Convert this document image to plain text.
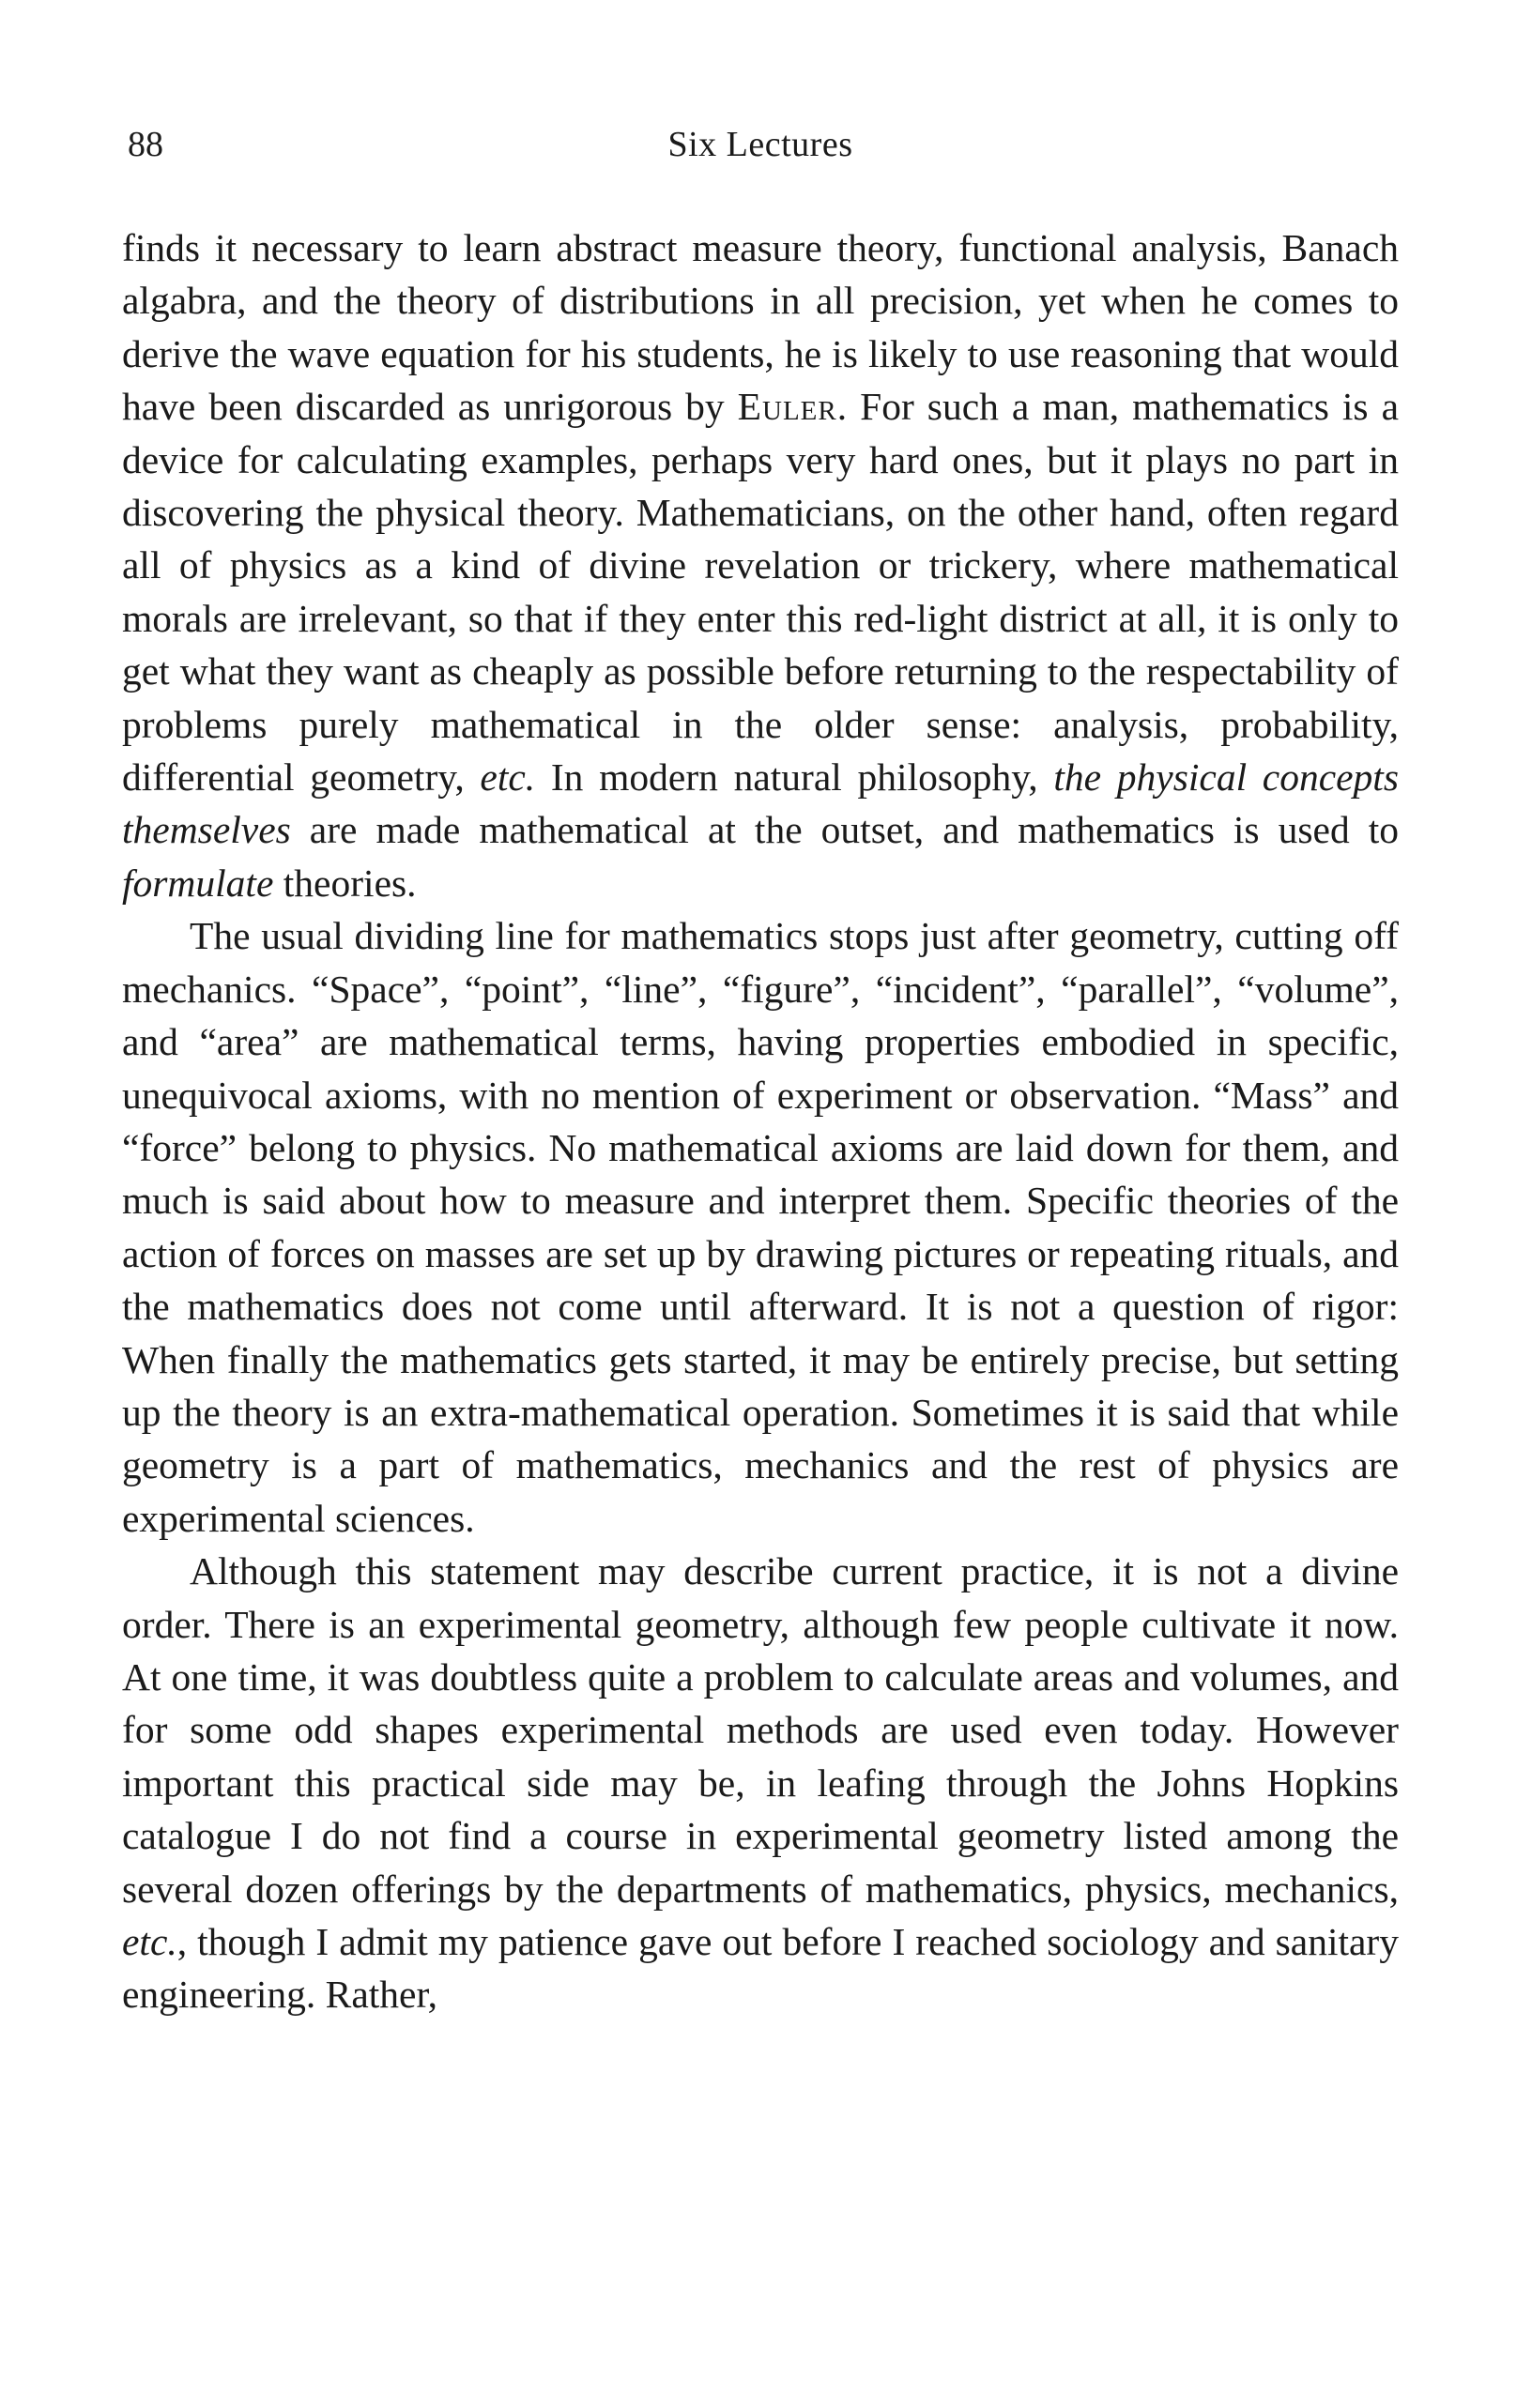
88	Six Lectures

finds it necessary to learn abstract measure theory, functional analysis, Banach algabra, and the theory of distributions in all precision, yet when he comes to derive the wave equation for his students, he is likely to use reasoning that would have been discarded as unrigorous by Euler. For such a man, mathematics is a device for calculating examples, perhaps very hard ones, but it plays no part in discovering the physical theory. Mathematicians, on the other hand, often regard all of physics as a kind of divine revelation or trickery, where mathematical morals are irrelevant, so that if they enter this red-light district at all, it is only to get what they want as cheaply as possible before returning to the respectability of problems purely mathematical in the older sense: analysis, probability, differential geometry, etc. In modern natural philosophy, the physical concepts themselves are made mathematical at the outset, and mathematics is used to formulate theories.

The usual dividing line for mathematics stops just after geometry, cutting off mechanics. “Space”, “point”, “line”, “figure”, “incident”, “parallel”, “volume”, and “area” are mathematical terms, having properties embodied in specific, unequivocal axioms, with no mention of experiment or observation. “Mass” and “force” belong to physics. No mathematical axioms are laid down for them, and much is said about how to measure and interpret them. Specific theories of the action of forces on masses are set up by drawing pictures or repeating rituals, and the mathematics does not come until afterward. It is not a question of rigor: When finally the mathematics gets started, it may be entirely precise, but setting up the theory is an extra-mathematical operation. Sometimes it is said that while geometry is a part of mathematics, mechanics and the rest of physics are experimental sciences.

Although this statement may describe current practice, it is not a divine order. There is an experimental geometry, although few people cultivate it now. At one time, it was doubtless quite a problem to calculate areas and volumes, and for some odd shapes experimental methods are used even today. However important this practical side may be, in leafing through the Johns Hopkins catalogue I do not find a course in experimental geometry listed among the several dozen offerings by the departments of mathematics, physics, mechanics, etc., though I admit my patience gave out before I reached sociology and sanitary engineering. Rather,
